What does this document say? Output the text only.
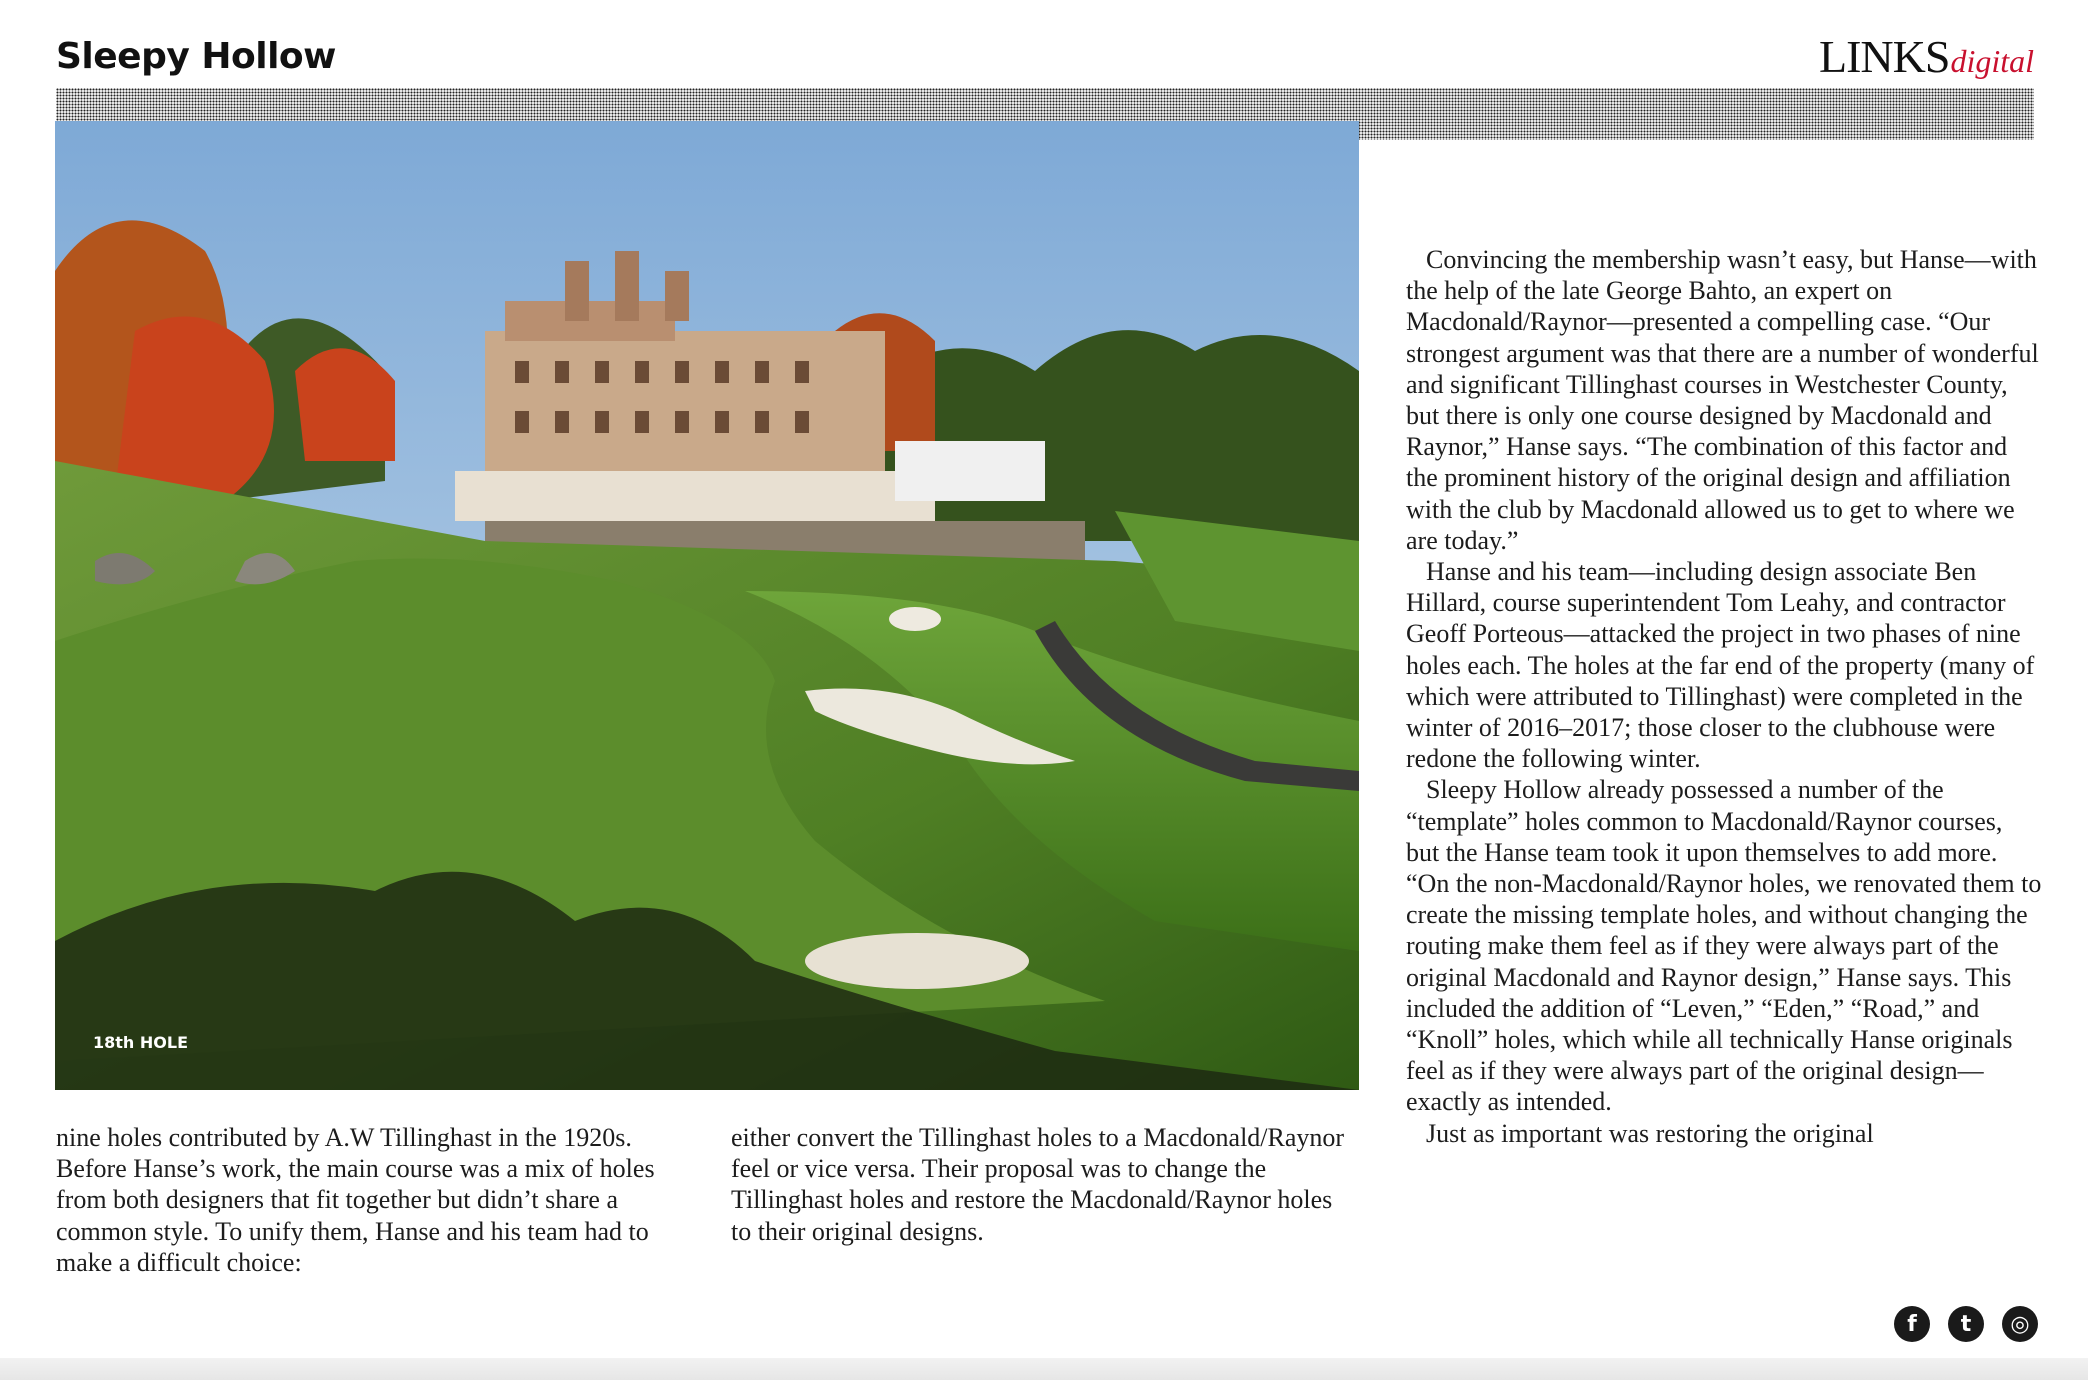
Sleepy Hollow	LINKS digital
18th HOLE

nine holes contributed by A.W Tillinghast in the 1920s. Before Hanse’s work, the main course was a mix of holes from both designers that fit together but didn’t share a common style. To unify them, Hanse and his team had to make a difficult choice:

either convert the Tillinghast holes to a Macdonald/Raynor feel or vice versa. Their proposal was to change the Tillinghast holes and restore the Macdonald/Raynor holes to their original designs.

Convincing the membership wasn’t easy, but Hanse—with the help of the late George Bahto, an expert on Macdonald/Raynor—presented a compelling case. “Our strongest argument was that there are a number of wonderful and significant Tillinghast courses in Westchester County, but there is only one course designed by Macdonald and Raynor,” Hanse says. “The combination of this factor and the prominent history of the original design and affiliation with the club by Macdonald allowed us to get to where we are today.”

Hanse and his team—including design associate Ben Hillard, course superintendent Tom Leahy, and contractor Geoff Porteous—attacked the project in two phases of nine holes each. The holes at the far end of the property (many of which were attributed to Tillinghast) were completed in the winter of 2016–2017; those closer to the clubhouse were redone the following winter.

Sleepy Hollow already possessed a number of the “template” holes common to Macdonald/Raynor courses, but the Hanse team took it upon themselves to add more. “On the non-Macdonald/Raynor holes, we renovated them to create the missing template holes, and without changing the routing make them feel as if they were always part of the original Macdonald and Raynor design,” Hanse says. This included the addition of “Leven,” “Eden,” “Road,” and “Knoll” holes, which while all technically Hanse originals feel as if they were always part of the original design—exactly as intended.

Just as important was restoring the original

f	t	◎
